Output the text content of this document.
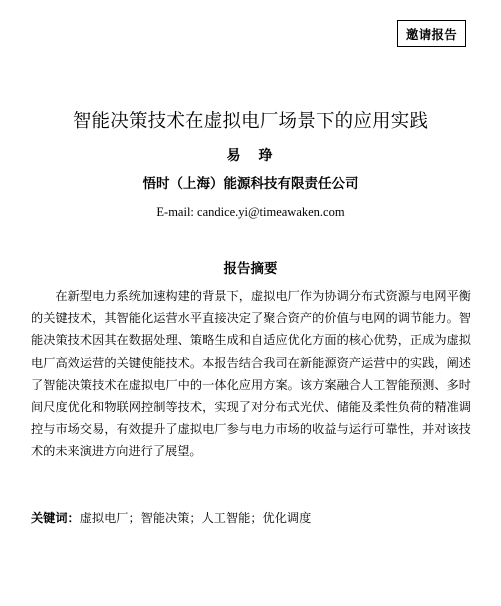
邀请报告
智能决策技术在虚拟电厂场景下的应用实践
易　琤
悟时（上海）能源科技有限责任公司
E-mail: candice.yi@timeawaken.com
报告摘要

在新型电力系统加速构建的背景下，虚拟电厂作为协调分布式资源与电网平衡的关键技术，其智能化运营水平直接决定了聚合资产的价值与电网的调节能力。智能决策技术因其在数据处理、策略生成和自适应优化方面的核心优势，正成为虚拟电厂高效运营的关键使能技术。本报告结合我司在新能源资产运营中的实践，阐述了智能决策技术在虚拟电厂中的一体化应用方案。该方案融合人工智能预测、多时间尺度优化和物联网控制等技术，实现了对分布式光伏、储能及柔性负荷的精准调控与市场交易，有效提升了虚拟电厂参与电力市场的收益与运行可靠性，并对该技术的未来演进方向进行了展望。

关键词：虚拟电厂；智能决策；人工智能；优化调度
